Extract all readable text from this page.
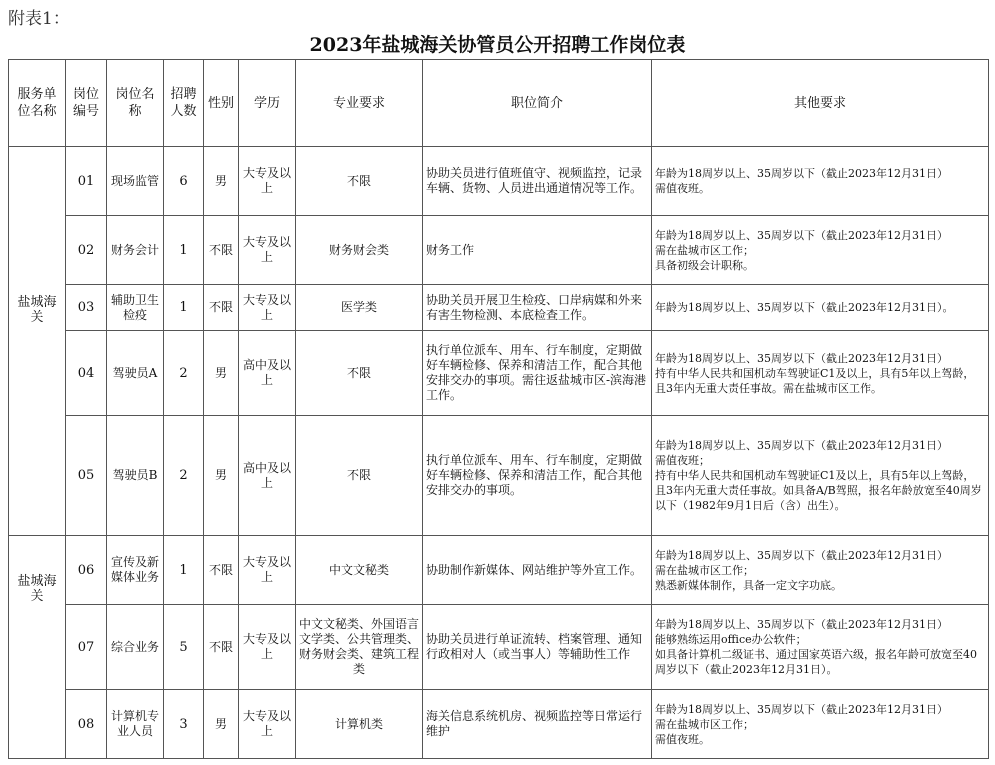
附表1：
2023年盐城海关协管员公开招聘工作岗位表
服务单位名称	岗位编号	岗位名称	招聘人数	性别	学历	专业要求	职位简介	其他要求

盐城海关	01	现场监管	6	男	大专及以上	不限	协助关员进行值班值守、视频监控，记录车辆、货物、人员进出通道情况等工作。	年龄为18周岁以上、35周岁以下（截止2023年12月31日）
需值夜班。

	02	财务会计	1	不限	大专及以上	财务财会类	财务工作	年龄为18周岁以上、35周岁以下（截止2023年12月31日）
需在盐城市区工作；
具备初级会计职称。

	03	辅助卫生检疫	1	不限	大专及以上	医学类	协助关员开展卫生检疫、口岸病媒和外来有害生物检测、本底检查工作。	年龄为18周岁以上、35周岁以下（截止2023年12月31日）。

	04	驾驶员A	2	男	高中及以上	不限	执行单位派车、用车、行车制度，定期做好车辆检修、保养和清洁工作，配合其他安排交办的事项。需往返盐城市区-滨海港工作。	年龄为18周岁以上、35周岁以下（截止2023年12月31日）
持有中华人民共和国机动车驾驶证C1及以上，具有5年以上驾龄，且3年内无重大责任事故。需在盐城市区工作。

	05	驾驶员B	2	男	高中及以上	不限	执行单位派车、用车、行车制度，定期做好车辆检修、保养和清洁工作，配合其他安排交办的事项。	年龄为18周岁以上、35周岁以下（截止2023年12月31日）
需值夜班；
持有中华人民共和国机动车驾驶证C1及以上，具有5年以上驾龄，且3年内无重大责任事故。如具备A/B驾照，报名年龄放宽至40周岁以下（1982年9月1日后（含）出生）。

盐城海关	06	宣传及新媒体业务	1	不限	大专及以上	中文文秘类	协助制作新媒体、网站维护等外宣工作。	年龄为18周岁以上、35周岁以下（截止2023年12月31日）
需在盐城市区工作；
熟悉新媒体制作，具备一定文字功底。

	07	综合业务	5	不限	大专及以上	中文文秘类、外国语言文学类、公共管理类、财务财会类、建筑工程类	协助关员进行单证流转、档案管理、通知行政相对人（或当事人）等辅助性工作	年龄为18周岁以上、35周岁以下（截止2023年12月31日）
能够熟练运用office办公软件；
如具备计算机二级证书、通过国家英语六级，报名年龄可放宽至40周岁以下（截止2023年12月31日）。

	08	计算机专业人员	3	男	大专及以上	计算机类	海关信息系统机房、视频监控等日常运行维护	年龄为18周岁以上、35周岁以下（截止2023年12月31日）
需在盐城市区工作；
需值夜班。
